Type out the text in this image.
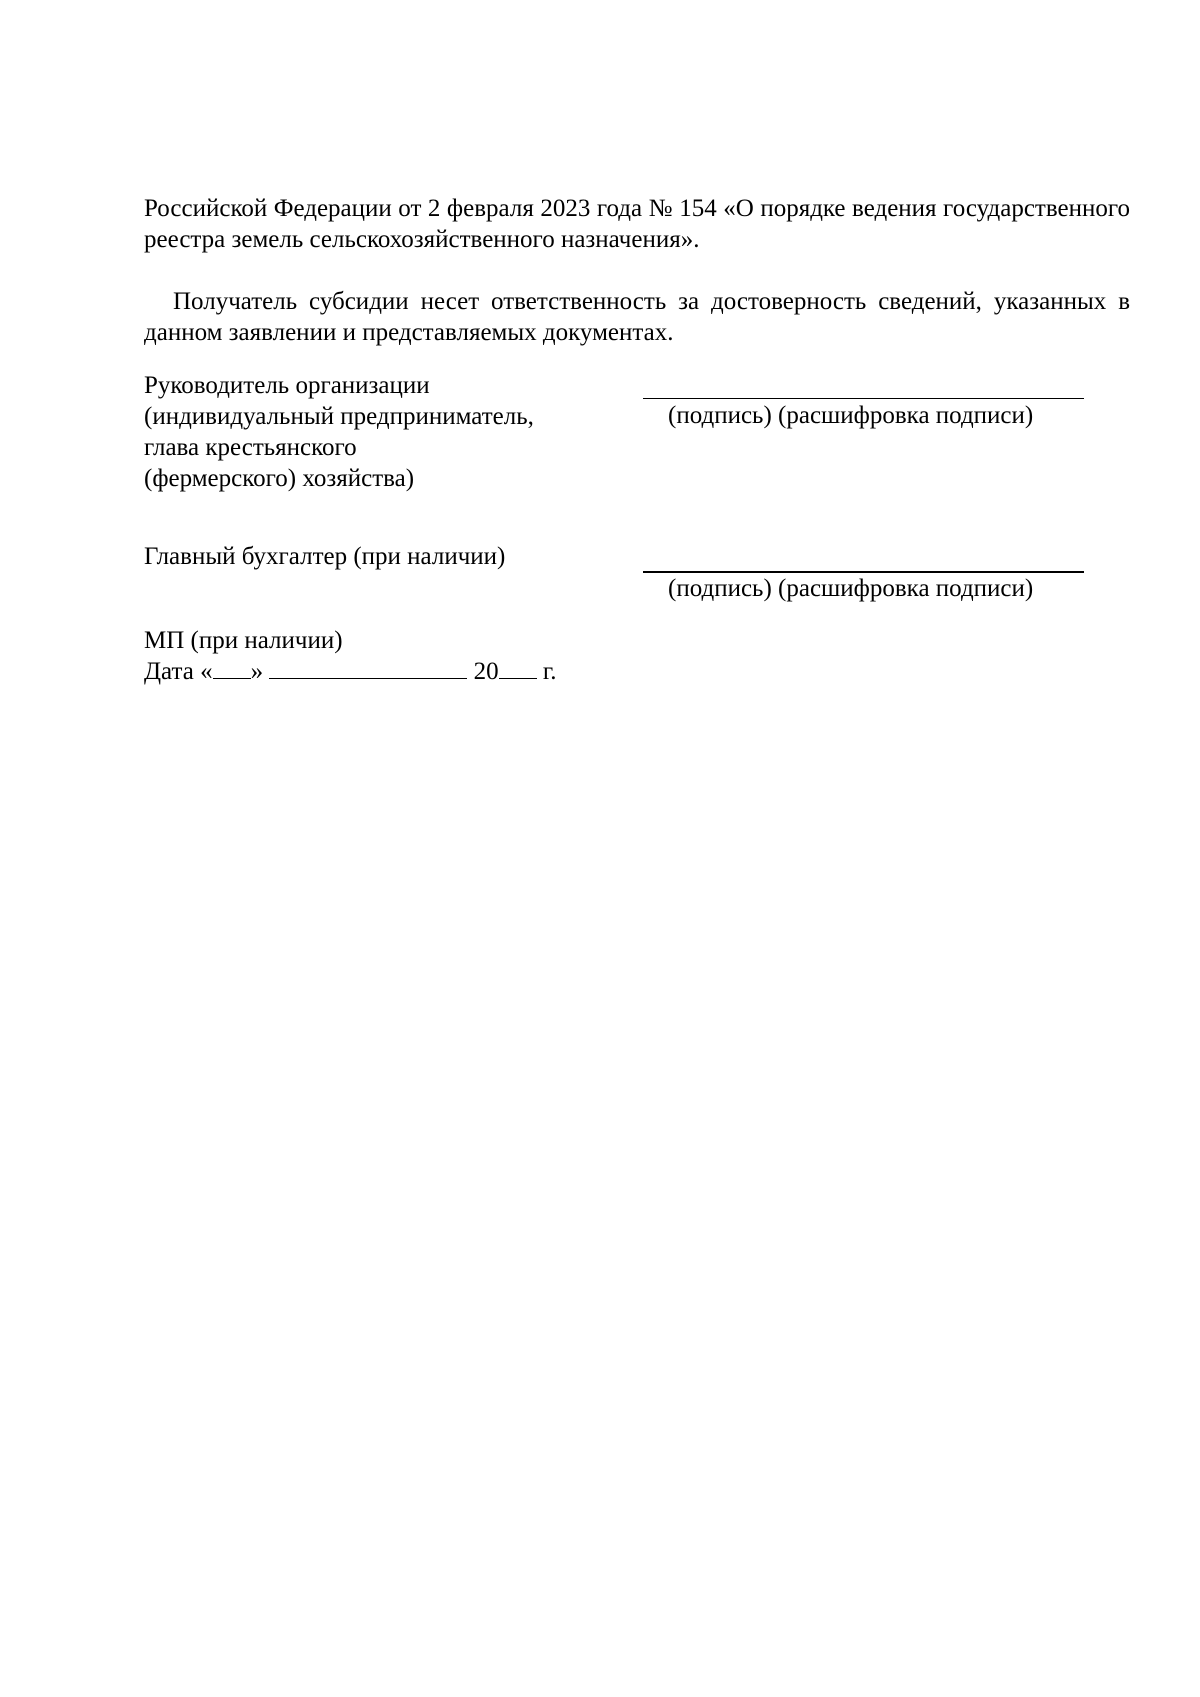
Российской Федерации от 2 февраля 2023 года № 154 «О порядке ведения государственного реестра земель сельскохозяйственного назначения».
Получатель субсидии несет ответственность за достоверность сведений, указанных в данном заявлении и представляемых документах.
Руководитель организации
(индивидуальный предприниматель,
глава крестьянского
(фермерского) хозяйства)
(подпись) (расшифровка подписи)
Главный бухгалтер (при наличии)
(подпись) (расшифровка подписи)
МП (при наличии)
Дата « »	20 г.
